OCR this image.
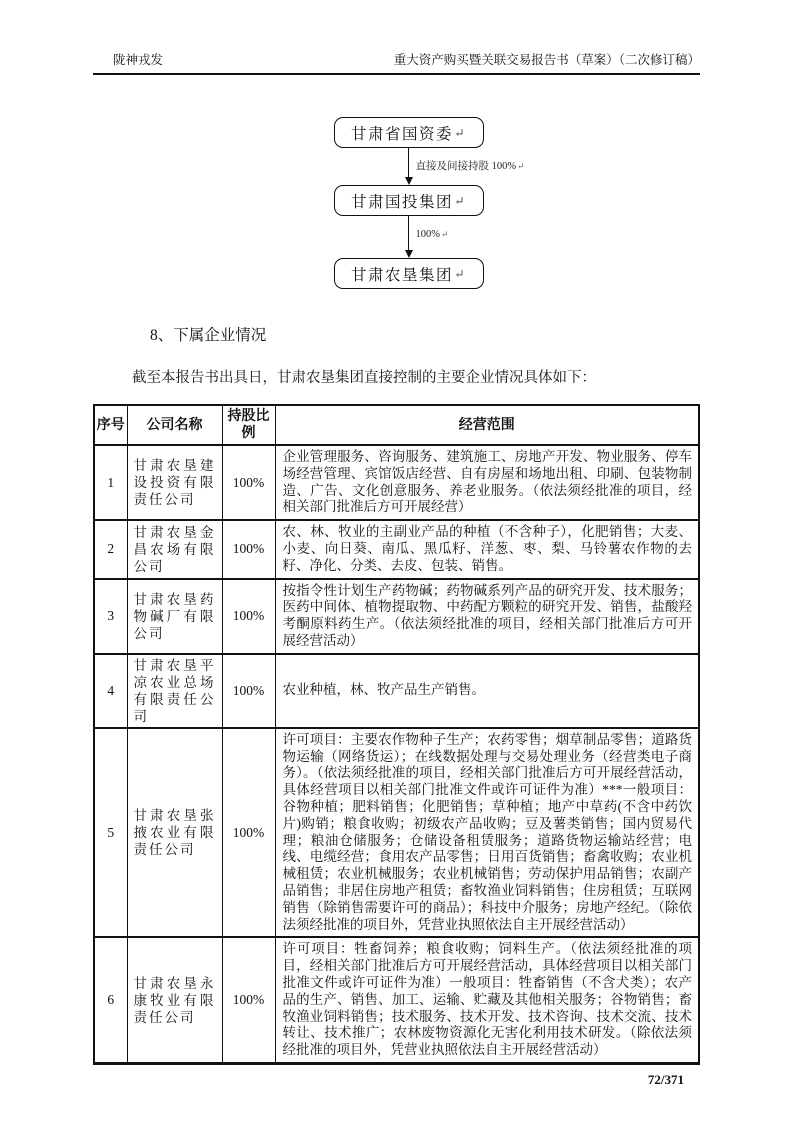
陇神戎发	重大资产购买暨关联交易报告书（草案）（二次修订稿）
甘肃省国资委 ↵
直接及间接持股 100%↵
甘肃国投集团 ↵
100%↵
甘肃农垦集团 ↵
8、下属企业情况
截至本报告书出具日，甘肃农垦集团直接控制的主要企业情况具体如下：
序号	公司名称	持股比例	经营范围
1	甘肃农垦建设投资有限责任公司	100%	企业管理服务、咨询服务、建筑施工、房地产开发、物业服务、停车场经营管理、宾馆饭店经营、自有房屋和场地出租、印刷、包装物制造、广告、文化创意服务、养老业服务。（依法须经批准的项目，经相关部门批准后方可开展经营）
2	甘肃农垦金昌农场有限公司	100%	农、林、牧业的主副业产品的种植（不含种子），化肥销售；大麦、小麦、向日葵、南瓜、黑瓜籽、洋葱、枣、梨、马铃薯农作物的去籽、净化、分类、去皮、包装、销售。
3	甘肃农垦药物碱厂有限公司	100%	按指令性计划生产药物碱；药物碱系列产品的研究开发、技术服务；医药中间体、植物提取物、中药配方颗粒的研究开发、销售，盐酸羟考酮原料药生产。（依法须经批准的项目，经相关部门批准后方可开展经营活动）
4	甘肃农垦平凉农业总场有限责任公司	100%	农业种植，林、牧产品生产销售。
5	甘肃农垦张掖农业有限责任公司	100%	许可项目：主要农作物种子生产；农药零售；烟草制品零售；道路货物运输（网络货运）；在线数据处理与交易处理业务（经营类电子商务）。（依法须经批准的项目，经相关部门批准后方可开展经营活动，具体经营项目以相关部门批准文件或许可证件为准）***一般项目：谷物种植；肥料销售；化肥销售；草种植；地产中草药(不含中药饮片)购销；粮食收购；初级农产品收购；豆及薯类销售；国内贸易代理；粮油仓储服务；仓储设备租赁服务；道路货物运输站经营；电线、电缆经营；食用农产品零售；日用百货销售；畜禽收购；农业机械租赁；农业机械服务；农业机械销售；劳动保护用品销售；农副产品销售；非居住房地产租赁；畜牧渔业饲料销售；住房租赁；互联网销售（除销售需要许可的商品）；科技中介服务；房地产经纪。（除依法须经批准的项目外，凭营业执照依法自主开展经营活动）
6	甘肃农垦永康牧业有限责任公司	100%	许可项目：牲畜饲养；粮食收购；饲料生产。（依法须经批准的项目，经相关部门批准后方可开展经营活动，具体经营项目以相关部门批准文件或许可证件为准）一般项目：牲畜销售（不含犬类）；农产品的生产、销售、加工、运输、贮藏及其他相关服务；谷物销售；畜牧渔业饲料销售；技术服务、技术开发、技术咨询、技术交流、技术转让、技术推广；农林废物资源化无害化利用技术研发。（除依法须经批准的项目外，凭营业执照依法自主开展经营活动）
72/371
